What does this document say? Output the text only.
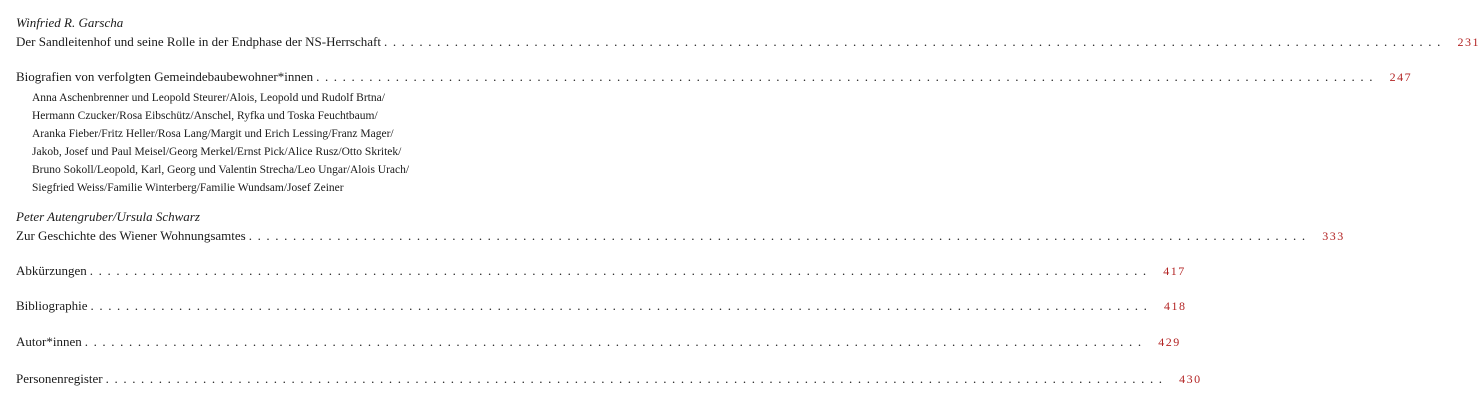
Winfried R. Garscha
Der Sandleitenhof und seine Rolle in der Endphase der NS-Herrschaft ........................................................................................................................ 231
Biografien von verfolgten Gemeindebaubewohner*innen ........................................................................................................................ 247
Anna Aschenbrenner und Leopold Steurer/Alois, Leopold und Rudolf Brtna/
Hermann Czucker/Rosa Eibschütz/Anschel, Ryfka und Toska Feuchtbaum/
Aranka Fieber/Fritz Heller/Rosa Lang/Margit und Erich Lessing/Franz Mager/
Jakob, Josef und Paul Meisel/Georg Merkel/Ernst Pick/Alice Rusz/Otto Skritek/
Bruno Sokoll/Leopold, Karl, Georg und Valentin Strecha/Leo Ungar/Alois Urach/
Siegfried Weiss/Familie Winterberg/Familie Wundsam/Josef Zeiner
Peter Autengruber/Ursula Schwarz
Zur Geschichte des Wiener Wohnungsamtes ........................................................................................................................ 333
Abkürzungen ........................................................................................................................ 417
Bibliographie ........................................................................................................................ 418
Autor*innen ........................................................................................................................ 429
Personenregister ........................................................................................................................ 430
